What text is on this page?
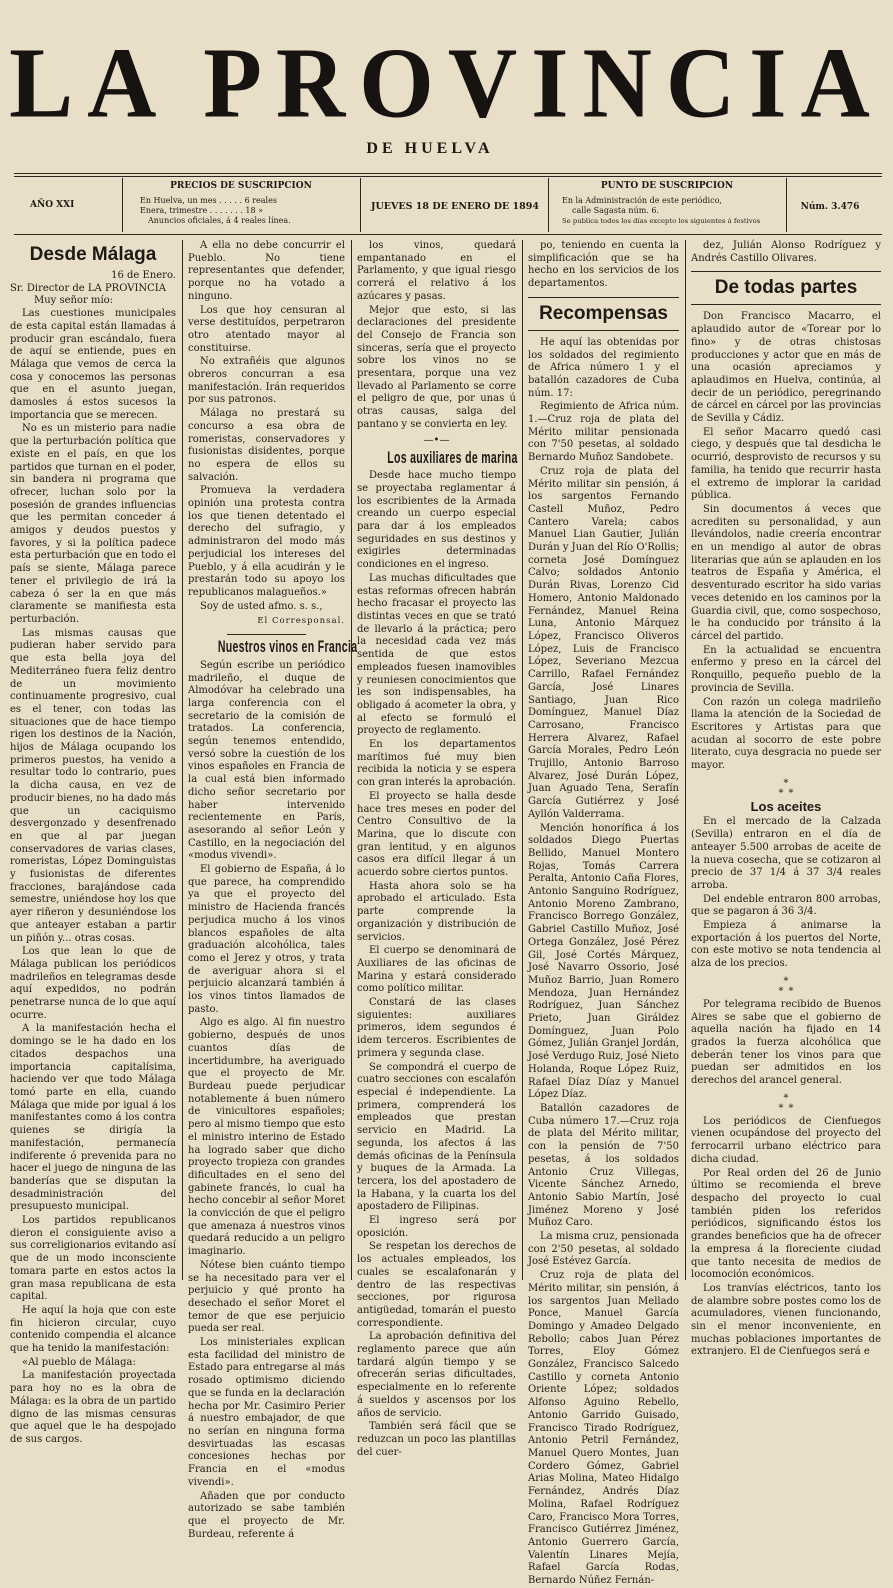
LA PROVINCIA
DE HUELVA
AÑO XXI
PRECIOS DE SUSCRIPCION
En Huelva, un mes . . . . . 6 reales
Enera, trimestre . . . . . . . 18 »
Anuncios oficiales, á 4 reales línea.
JUEVES 18 DE ENERO DE 1894
PUNTO DE SUSCRIPCION
En la Administración de este periódico,
calle Sagasta núm. 6.
Se publica todos los días excepto los siguientes á festivos
Núm. 3.476
Desde Málaga
16 de Enero.
Sr. Director de LA PROVINCIA
Muy señor mío:

Las cuestiones municipales de esta capital están llamadas á producir gran escándalo, fuera de aquí se entiende, pues en Málaga que vemos de cerca la cosa y conocemos las personas que en el asunto juegan, damosles á estos sucesos la importancia que se merecen.

No es un misterio para nadie que la perturbación política que existe en el país, en que los partidos que turnan en el poder, sin bandera ni programa que ofrecer, luchan solo por la posesión de grandes influencias que les permitan conceder á amigos y deudos puestos y favores, y si la política padece esta perturbación que en todo el país se siente, Málaga parece tener el privilegio de irá la cabeza ó ser la en que más claramente se manifiesta esta perturbación.

Las mismas causas que pudieran haber servido para que esta bella joya del Mediterráneo fuera feliz dentro de un movimiento continuamente progresivo, cual es el tener, con todas las situaciones que de hace tiempo rigen los destinos de la Nación, hijos de Málaga ocupando los primeros puestos, ha venido a resultar todo lo contrario, pues la dicha causa, en vez de producir bienes, no ha dado más que un caciquismo desvergonzado y desenfrenado en que al par juegan conservadores de varias clases, romeristas, López Dominguistas y fusionistas de diferentes fracciones, barajándose cada semestre, uniéndose hoy los que ayer riñeron y desuniéndose los que anteayer estaban a partir un piñón y... otras cosas.

Los que lean lo que de Málaga publican los periódicos madrileños en telegramas desde aquí expedidos, no podrán penetrarse nunca de lo que aquí ocurre.

A la manifestación hecha el domingo se le ha dado en los citados despachos una importancia capitalísima, haciendo ver que todo Málaga tomó parte en ella, cuando Málaga que mide por igual á los manifestantes como á los contra quienes se dirigía la manifestación, permanecía indiferente ó prevenida para no hacer el juego de ninguna de las banderías que se disputan la desadministración del presupuesto municipal.

Los partidos republicanos dieron el consiguiente aviso a sus correligionarios evitando así que de un modo inconsciente tomara parte en estos actos la gran masa republicana de esta capital.

He aquí la hoja que con este fin hicieron circular, cuyo contenido compendia el alcance que ha tenido la manifestación:

«Al pueblo de Málaga:

La manifestación proyectada para hoy no es la obra de Málaga: es la obra de un partido digno de las mismas censuras que aquel que le ha despojado de sus cargos.

A ella no debe concurrir el Pueblo. No tiene representantes que defender, porque no ha votado a ninguno.

Los que hoy censuran al verse destituídos, perpetraron otro atentado mayor al constituirse.

No extrañéis que algunos obreros concurran a esa manifestación. Irán requeridos por sus patronos.

Málaga no prestará su concurso a esa obra de romeristas, conservadores y fusionistas disidentes, porque no espera de ellos su salvación.

Promueva la verdadera opinión una protesta contra los que tienen detentado el derecho del sufragio, y administraron del modo más perjudicial los intereses del Pueblo, y á ella acudirán y le prestarán todo su apoyo los republicanos malagueños.»

Soy de usted afmo. s. s.,

El Corresponsal.
Nuestros vinos en Francia

Según escribe un periódico madrileño, el duque de Almodóvar ha celebrado una larga conferencia con el secretario de la comisión de tratados. La conferencia, según tenemos entendido, versó sobre la cuestión de los vinos españoles en Francia de la cual está bien informado dicho señor secretario por haber intervenido recientemente en París, asesorando al señor León y Castillo, en la negociación del «modus vivendi».

El gobierno de España, á lo que parece, ha comprendido ya que el proyecto del ministro de Hacienda francés perjudica mucho á los vinos blancos españoles de alta graduación alcohólica, tales como el Jerez y otros, y trata de averiguar ahora si el perjuicio alcanzará también á los vinos tintos llamados de pasto.

Algo es algo. Al fin nuestro gobierno, después de unos cuantos días de incertidumbre, ha averiguado que el proyecto de Mr. Burdeau puede perjudicar notablemente á buen número de vinicultores españoles; pero al mismo tiempo que esto el ministro interino de Estado ha logrado saber que dicho proyecto tropieza con grandes dificultades en el seno del gabinete francés, lo cual ha hecho concebir al señor Moret la convicción de que el peligro que amenaza á nuestros vinos quedará reducido a un peligro imaginario.

Nótese bien cuánto tiempo se ha necesitado para ver el perjuicio y qué pronto ha desechado el señor Moret el temor de que ese perjuicio pueda ser real.

Los ministeriales explican esta facilidad del ministro de Estado para entregarse al más rosado optimismo diciendo que se funda en la declaración hecha por Mr. Casimiro Perier á nuestro embajador, de que no serían en ninguna forma desvirtuadas las escasas concesiones hechas por Francia en el «modus vivendi».

Añaden que por conducto autorizado se sabe también que el proyecto de Mr. Burdeau, referente á

los vinos, quedará empantanado en el Parlamento, y que igual riesgo correrá el relativo á los azúcares y pasas.

Mejor que esto, si las declaraciones del presidente del Consejo de Francia son sinceras, sería que el proyecto sobre los vinos no se presentara, porque una vez llevado al Parlamento se corre el peligro de que, por unas ú otras causas, salga del pantano y se convierta en ley.

—•—
Los auxiliares de marina

Desde hace mucho tiempo se proyectaba reglamentar á los escribientes de la Armada creando un cuerpo especial para dar á los empleados seguridades en sus destinos y exigirles determinadas condiciones en el ingreso.

Las muchas dificultades que estas reformas ofrecen habrán hecho fracasar el proyecto las distintas veces en que se trató de llevarlo á la práctica; pero la necesidad cada vez más sentida de que estos empleados fuesen inamovibles y reuniesen conocimientos que les son indispensables, ha obligado á acometer la obra, y al efecto se formuló el proyecto de reglamento.

En los departamentos marítimos fué muy bien recibida la noticia y se espera con gran interés la aprobación.

El proyecto se halla desde hace tres meses en poder del Centro Consultivo de la Marina, que lo discute con gran lentitud, y en algunos casos era difícil llegar á un acuerdo sobre ciertos puntos.

Hasta ahora solo se ha aprobado el articulado. Esta parte comprende la organización y distribución de servicios.

El cuerpo se denominará de Auxiliares de las oficinas de Marina y estará considerado como político militar.

Constará de las clases siguientes: auxiliares primeros, idem segundos é idem terceros. Escribientes de primera y segunda clase.

Se compondrá el cuerpo de cuatro secciones con escalafón especial é independiente. La primera, comprenderá los empleados que prestan servicio en Madrid. La segunda, los afectos á las demás oficinas de la Península y buques de la Armada. La tercera, los del apostadero de la Habana, y la cuarta los del apostadero de Filipinas.

El ingreso será por oposición.

Se respetan los derechos de los actuales empleados, los cuales se escalafonarán y dentro de las respectivas secciones, por rigurosa antigüedad, tomarán el puesto correspondiente.

La aprobación definitiva del reglamento parece que aún tardará algún tiempo y se ofrecerán serias dificultades, especialmente en lo referente á sueldos y ascensos por los años de servicio.

También será fácil que se reduzcan un poco las plantillas del cuer-

po, teniendo en cuenta la simplificación que se ha hecho en los servicios de los departamentos.

Recompensas

He aquí las obtenidas por los soldados del regimiento de Africa número 1 y el batallón cazadores de Cuba núm. 17:

Regimiento de Africa núm. 1.—Cruz roja de plata del Mérito militar pensionada con 7'50 pesetas, al soldado Bernardo Muñoz Sandobete.

Cruz roja de plata del Mérito militar sin pensión, á los sargentos Fernando Castell Muñoz, Pedro Cantero Varela; cabos Manuel Lian Gautier, Julián Durán y Juan del Río O'Rollis; corneta José Domínguez Calvo; soldados Antonio Durán Rivas, Lorenzo Cid Homero, Antonio Maldonado Fernández, Manuel Reina Luna, Antonio Márquez López, Francisco Oliveros López, Luis de Francisco López, Severiano Mezcua Carrillo, Rafael Fernández García, José Linares Santiago, Juan Rico Domínguez, Manuel Díaz Carrosano, Francisco Herrera Alvarez, Rafael García Morales, Pedro León Trujillo, Antonio Barroso Alvarez, José Durán López, Juan Aguado Tena, Serafín García Gutiérrez y José Ayllón Valderrama.

Mención honorífica á los soldados Diego Puertas Bellido, Manuel Montero Rojas, Tomás Carrera Peralta, Antonio Caña Flores, Antonio Sanguino Rodríguez, Antonio Moreno Zambrano, Francisco Borrego González, Gabriel Castillo Muñoz, José Ortega González, José Pérez Gil, José Cortés Márquez, José Navarro Ossorio, José Muñoz Barrio, Juan Romero Mendoza, Juan Hernández Rodríguez, Juan Sánchez Prieto, Juan Giráldez Domínguez, Juan Polo Gómez, Julián Granjel Jordán, José Verdugo Ruiz, José Nieto Holanda, Roque López Ruiz, Rafael Díaz Díaz y Manuel López Díaz.

Batallón cazadores de Cuba número 17.—Cruz roja de plata del Mérito militar, con la pensión de 7'50 pesetas, á los soldados Antonio Cruz Villegas, Vicente Sánchez Arnedo, Antonio Sabio Martín, José Jiménez Moreno y José Muñoz Caro.

La misma cruz, pensionada con 2'50 pesetas, al soldado José Estévez García.

Cruz roja de plata del Mérito militar, sin pensión, á los sargentos Juan Mellado Ponce, Manuel García Domingo y Amadeo Delgado Rebollo; cabos Juan Pérez Torres, Eloy Gómez González, Francisco Salcedo Castillo y corneta Antonio Oriente López; soldados Alfonso Aguino Rebello, Antonio Garrido Guisado, Francisco Tirado Rodríguez, Antonio Petril Fernández, Manuel Quero Montes, Juan Cordero Gómez, Gabriel Arias Molina, Mateo Hidalgo Fernández, Andrés Díaz Molina, Rafael Rodríguez Caro, Francisco Mora Torres, Francisco Gutiérrez Jiménez, Antonio Guerrero García, Valentín Linares Mejía, Rafael García Rodas, Bernardo Núñez Fernán-

dez, Julián Alonso Rodríguez y Andrés Castillo Olivares.

De todas partes

Don Francisco Macarro, el aplaudido autor de «Torear por lo fino» y de otras chistosas producciones y actor que en más de una ocasión apreciamos y aplaudimos en Huelva, continúa, al decir de un periódico, peregrinando de cárcel en cárcel por las provincias de Sevilla y Cádiz.

El señor Macarro quedó casi ciego, y después que tal desdicha le ocurrió, desprovisto de recursos y su familia, ha tenido que recurrir hasta el extremo de implorar la caridad pública.

Sin documentos á veces que acrediten su personalidad, y aun llevándolos, nadie creería encontrar en un mendigo al autor de obras literarias que aún se aplauden en los teatros de España y América, el desventurado escritor ha sido varias veces detenido en los caminos por la Guardia civil, que, como sospechoso, le ha conducido por tránsito á la cárcel del partido.

En la actualidad se encuentra enfermo y preso en la cárcel del Ronquillo, pequeño pueblo de la provincia de Sevilla.

Con razón un colega madrileño llama la atención de la Sociedad de Escritores y Artistas para que acudan al socorro de este pobre literato, cuya desgracia no puede ser mayor.

∗
∗ ∗
Los aceites

En el mercado de la Calzada (Sevilla) entraron en el día de anteayer 5.500 arrobas de aceite de la nueva cosecha, que se cotizaron al precio de 37 1/4 á 37 3/4 reales arroba.

Del endeble entraron 800 arrobas, que se pagaron á 36 3/4.

Empieza á animarse la exportación á los puertos del Norte, con este motivo se nota tendencia al alza de los precios.

∗
∗ ∗

Por telegrama recibido de Buenos Aires se sabe que el gobierno de aquella nación ha fijado en 14 grados la fuerza alcohólica que deberán tener los vinos para que puedan ser admitidos en los derechos del arancel general.

∗
∗ ∗

Los periódicos de Cienfuegos vienen ocupándose del proyecto del ferrocarril urbano eléctrico para dicha ciudad.

Por Real orden del 26 de Junio último se recomienda el breve despacho del proyecto lo cual también piden los referidos periódicos, significando éstos los grandes beneficios que ha de ofrecer la empresa á la floreciente ciudad que tanto necesita de medios de locomoción económicos.

Los tranvías eléctricos, tanto los de alambre sobre postes como los de acumuladores, vienen funcionando, sin el menor inconveniente, en muchas poblaciones importantes de extranjero. El de Cienfuegos será e
